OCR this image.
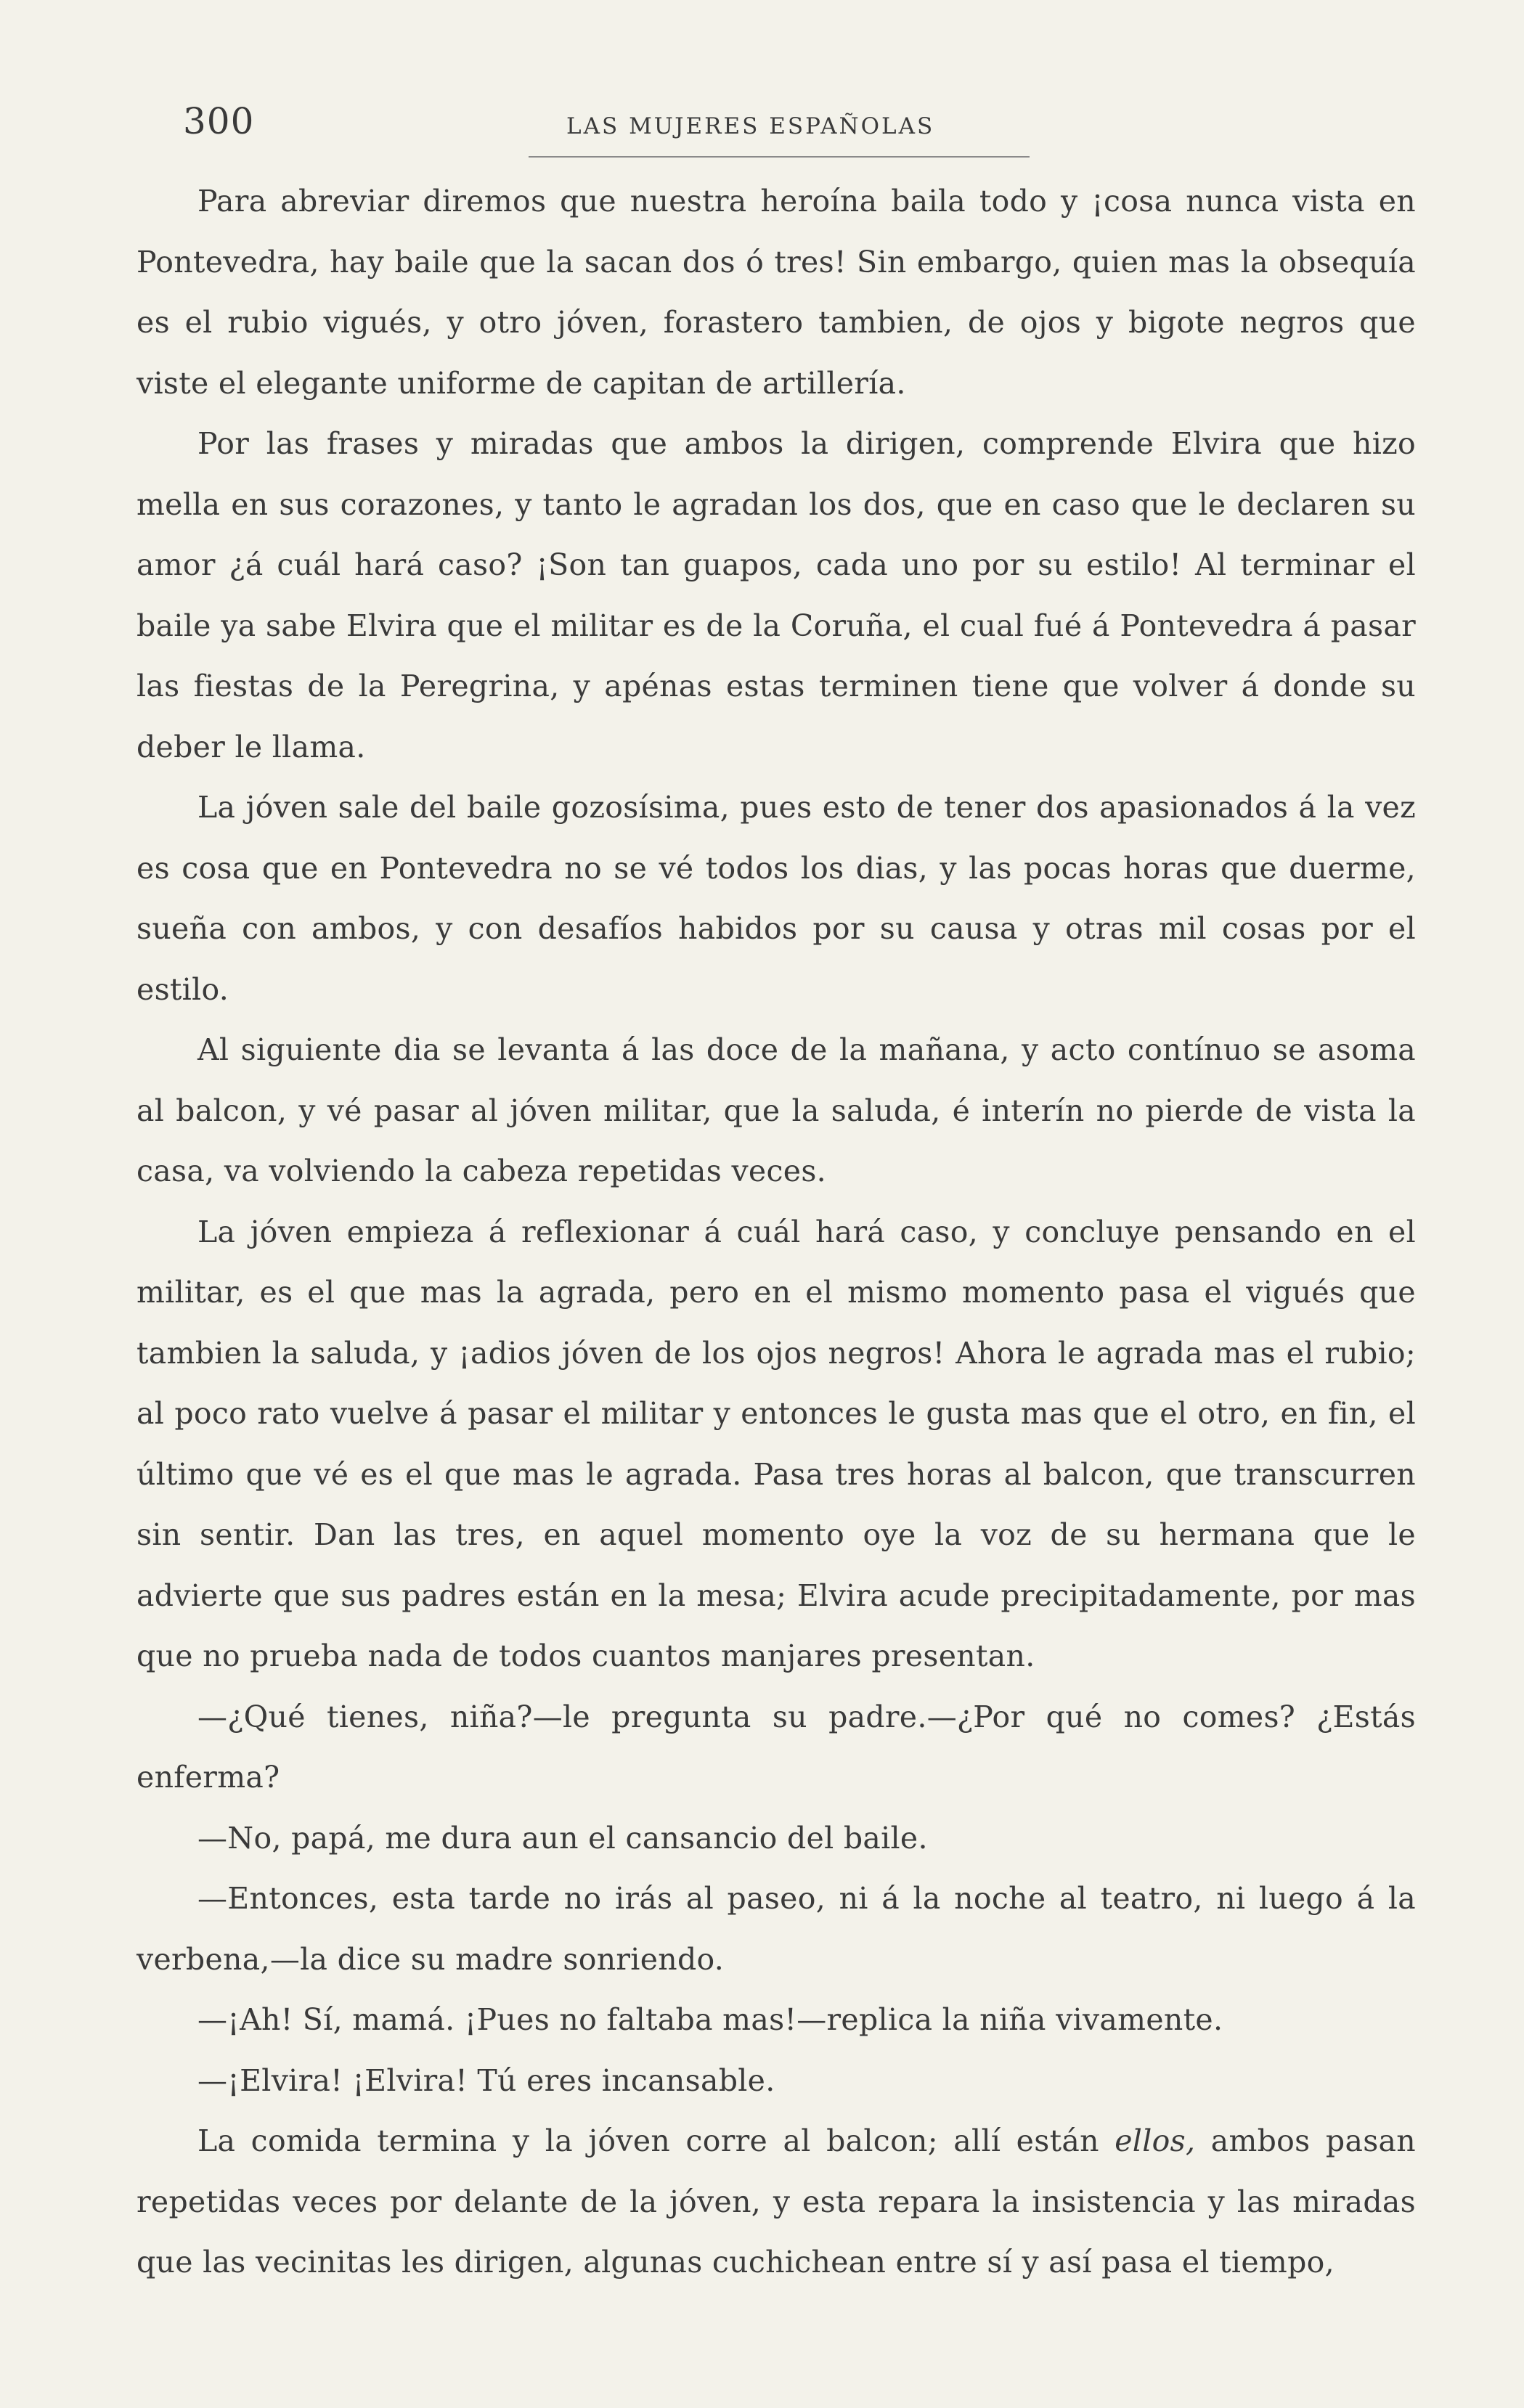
300	LAS MUJERES ESPAÑOLAS

Para abreviar diremos que nuestra heroína baila todo y ¡cosa nunca vista en Pontevedra, hay baile que la sacan dos ó tres! Sin embargo, quien mas la obsequía es el rubio vigués, y otro jóven, forastero tambien, de ojos y bigote negros que viste el elegante uniforme de capitan de artillería.

Por las frases y miradas que ambos la dirigen, comprende Elvira que hizo mella en sus corazones, y tanto le agradan los dos, que en caso que le declaren su amor ¿á cuál hará caso? ¡Son tan guapos, cada uno por su estilo! Al terminar el baile ya sabe Elvira que el militar es de la Coruña, el cual fué á Pontevedra á pasar las fiestas de la Peregrina, y apénas estas terminen tiene que volver á donde su deber le llama.

La jóven sale del baile gozosísima, pues esto de tener dos apasionados á la vez es cosa que en Pontevedra no se vé todos los dias, y las pocas horas que duerme, sueña con ambos, y con desafíos habidos por su causa y otras mil cosas por el estilo.

Al siguiente dia se levanta á las doce de la mañana, y acto contínuo se asoma al balcon, y vé pasar al jóven militar, que la saluda, é interín no pierde de vista la casa, va volviendo la cabeza repetidas veces.

La jóven empieza á reflexionar á cuál hará caso, y concluye pensando en el militar, es el que mas la agrada, pero en el mismo momento pasa el vigués que tambien la saluda, y ¡adios jóven de los ojos negros! Ahora le agrada mas el rubio; al poco rato vuelve á pasar el militar y entonces le gusta mas que el otro, en fin, el último que vé es el que mas le agrada. Pasa tres horas al balcon, que transcurren sin sentir. Dan las tres, en aquel momento oye la voz de su hermana que le advierte que sus padres están en la mesa; Elvira acude precipitadamente, por mas que no prueba nada de todos cuantos manjares presentan.

—¿Qué tienes, niña?—le pregunta su padre.—¿Por qué no comes? ¿Estás enferma?

—No, papá, me dura aun el cansancio del baile.

—Entonces, esta tarde no irás al paseo, ni á la noche al teatro, ni luego á la verbena,—la dice su madre sonriendo.

—¡Ah! Sí, mamá. ¡Pues no faltaba mas!—replica la niña vivamente.

—¡Elvira! ¡Elvira! Tú eres incansable.

La comida termina y la jóven corre al balcon; allí están ellos, ambos pasan repetidas veces por delante de la jóven, y esta repara la insistencia y las miradas que las vecinitas les dirigen, algunas cuchichean entre sí y así pasa el tiempo,
